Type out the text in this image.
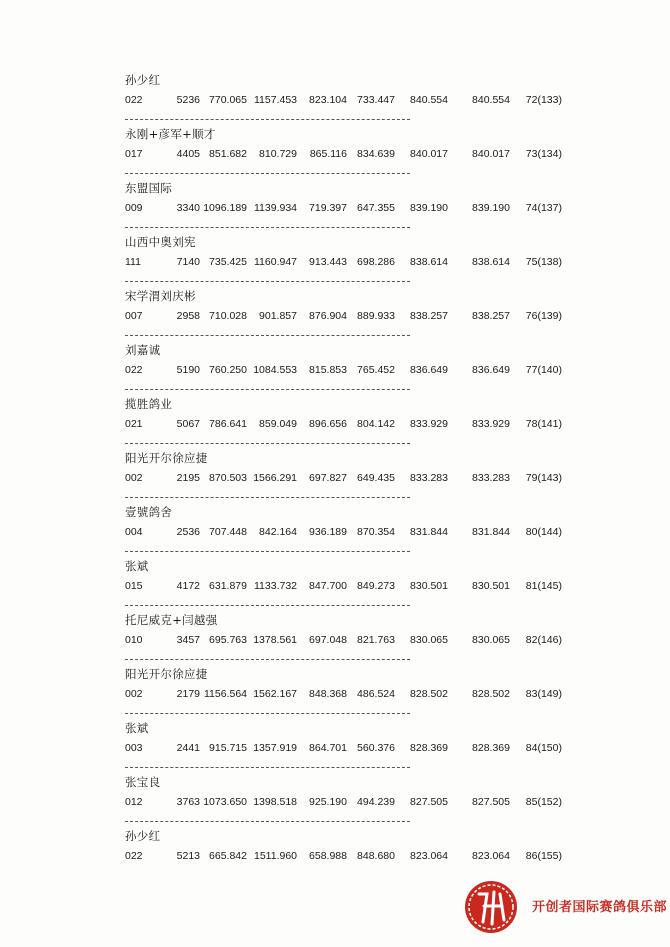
孙少红
022	5236 770.065 1157.453	823.104 733.447	840.554	840.554	72(133)
永刚+彦军+顺才
017	4405 851.682	810.729	865.116 834.639	840.017	840.017	73(134)
东盟国际
009	3340 1096.189 1139.934	719.397 647.355	839.190	839.190	74(137)
山西中奥刘宪
111	7140 735.425 1160.947	913.443 698.286	838.614	838.614	75(138)
宋学渭刘庆彬
007	2958 710.028	901.857	876.904 889.933	838.257	838.257	76(139)
刘嘉诚
022	5190 760.250 1084.553	815.853 765.452	836.649	836.649	77(140)
揽胜鸽业
021	5067 786.641	859.049	896.656 804.142	833.929	833.929	78(141)
阳光开尔徐应捷
002	2195 870.503 1566.291	697.827 649.435	833.283	833.283	79(143)
壹號鸽舍
004	2536 707.448	842.164	936.189 870.354	831.844	831.844	80(144)
张斌
015	4172 631.879 1133.732	847.700 849.273	830.501	830.501	81(145)
托尼威克+闫越强
010	3457 695.763 1378.561	697.048 821.763	830.065	830.065	82(146)
阳光开尔徐应捷
002	2179 1156.564 1562.167	848.368 486.524	828.502	828.502	83(149)
张斌
003	2441 915.715 1357.919	864.701 560.376	828.369	828.369	84(150)
张宝良
012	3763 1073.650 1398.518	925.190 494.239	827.505	827.505	85(152)
孙少红
022	5213 665.842 1511.960	658.988 848.680	823.064	823.064	86(155)
开创者国际赛鸽俱乐部
